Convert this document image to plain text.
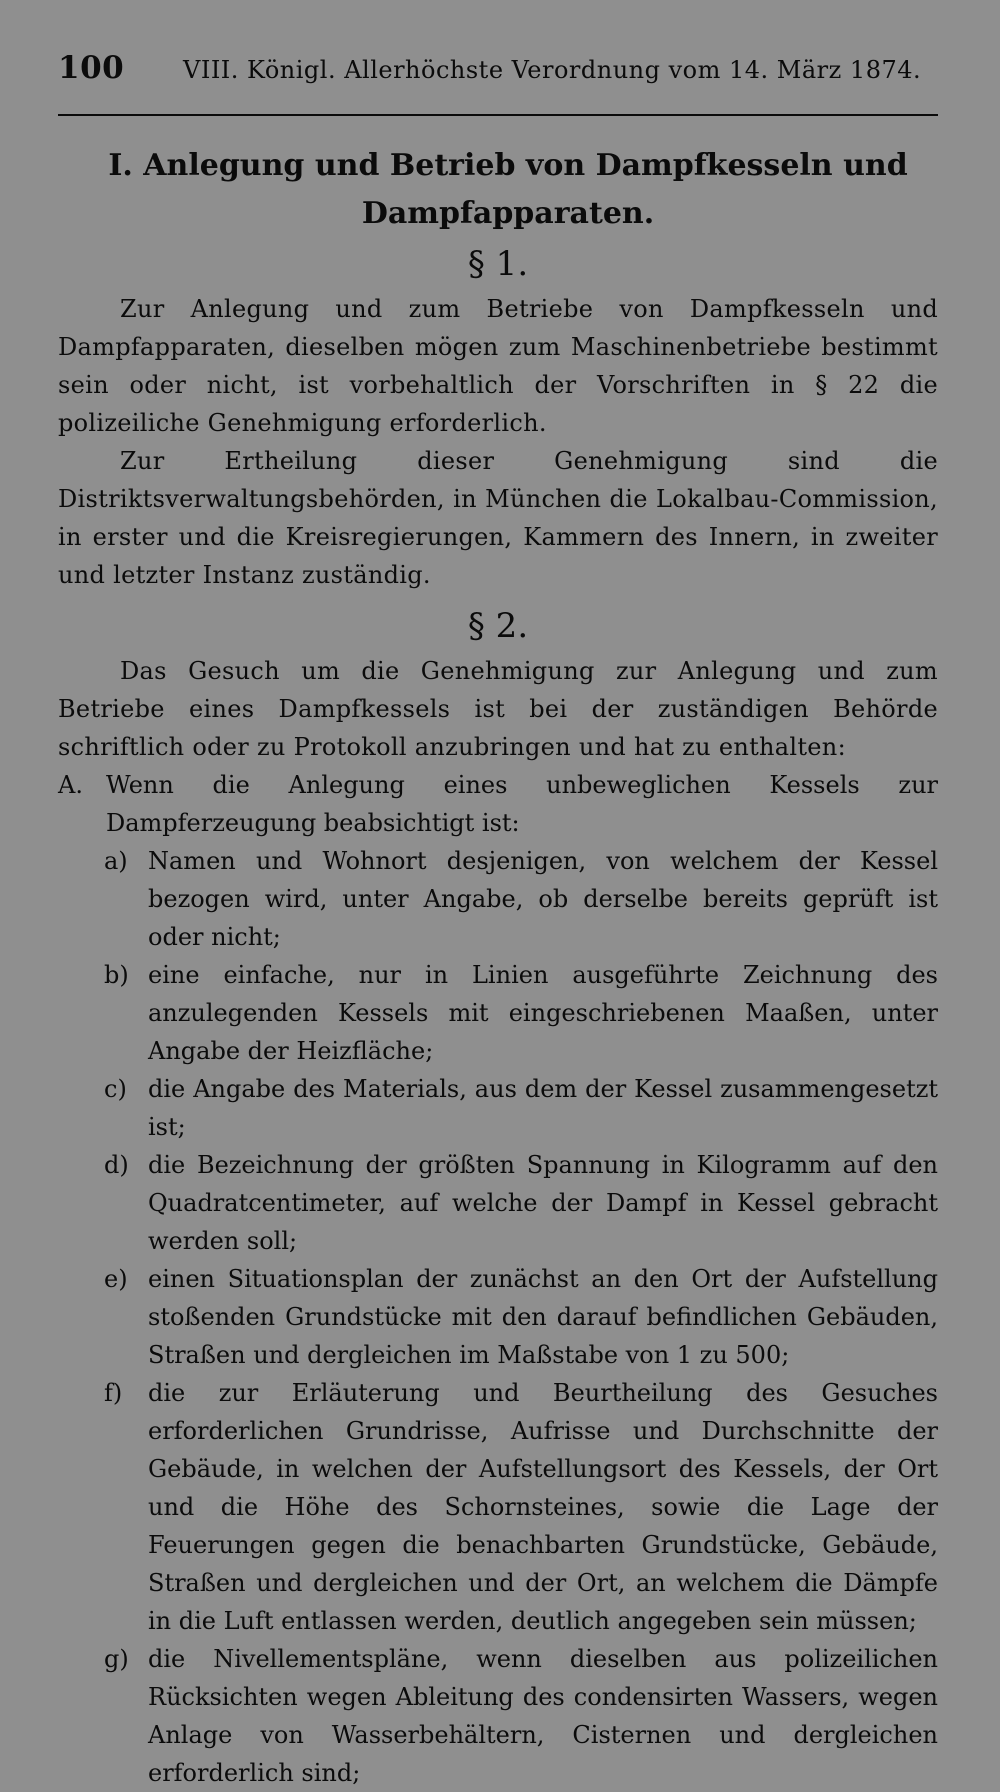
100	VIII. Königl. Allerhöchste Verordnung vom 14. März 1874.
I. Anlegung und Betrieb von Dampfkesseln und Dampfapparaten.
§ 1.

Zur Anlegung und zum Betriebe von Dampfkesseln und Dampfapparaten, dieselben mögen zum Maschinenbetriebe bestimmt sein oder nicht, ist vorbehaltlich der Vorschriften in § 22 die polizeiliche Genehmigung erforderlich.

Zur Ertheilung dieser Genehmigung sind die Distriktsverwaltungsbehörden, in München die Lokalbau-Commission, in erster und die Kreisregierungen, Kammern des Innern, in zweiter und letzter Instanz zuständig.

§ 2.

Das Gesuch um die Genehmigung zur Anlegung und zum Betriebe eines Dampfkessels ist bei der zuständigen Behörde schriftlich oder zu Protokoll anzubringen und hat zu enthalten:

A. Wenn die Anlegung eines unbeweglichen Kessels zur Dampferzeugung beabsichtigt ist:
a) Namen und Wohnort desjenigen, von welchem der Kessel bezogen wird, unter Angabe, ob derselbe bereits geprüft ist oder nicht;
b) eine einfache, nur in Linien ausgeführte Zeichnung des anzulegenden Kessels mit eingeschriebenen Maaßen, unter Angabe der Heizfläche;
c) die Angabe des Materials, aus dem der Kessel zusammengesetzt ist;
d) die Bezeichnung der größten Spannung in Kilogramm auf den Quadratcentimeter, auf welche der Dampf in Kessel gebracht werden soll;
e) einen Situationsplan der zunächst an den Ort der Aufstellung stoßenden Grundstücke mit den darauf befindlichen Gebäuden, Straßen und dergleichen im Maßstabe von 1 zu 500;
f)	die zur Erläuterung und Beurtheilung des Gesuches erforderlichen Grundrisse, Aufrisse und Durchschnitte der Gebäude, in welchen der Aufstellungsort des Kessels, der Ort und die Höhe des Schornsteines, sowie die Lage der Feuerungen gegen die benachbarten Grundstücke, Gebäude, Straßen und dergleichen und der Ort, an welchem die Dämpfe in die Luft entlassen werden, deutlich angegeben sein müssen;
g) die Nivellementspläne, wenn dieselben aus polizeilichen Rücksichten wegen Ableitung des condensirten Wassers, wegen Anlage von Wasserbehältern, Cisternen und dergleichen erforderlich sind;
